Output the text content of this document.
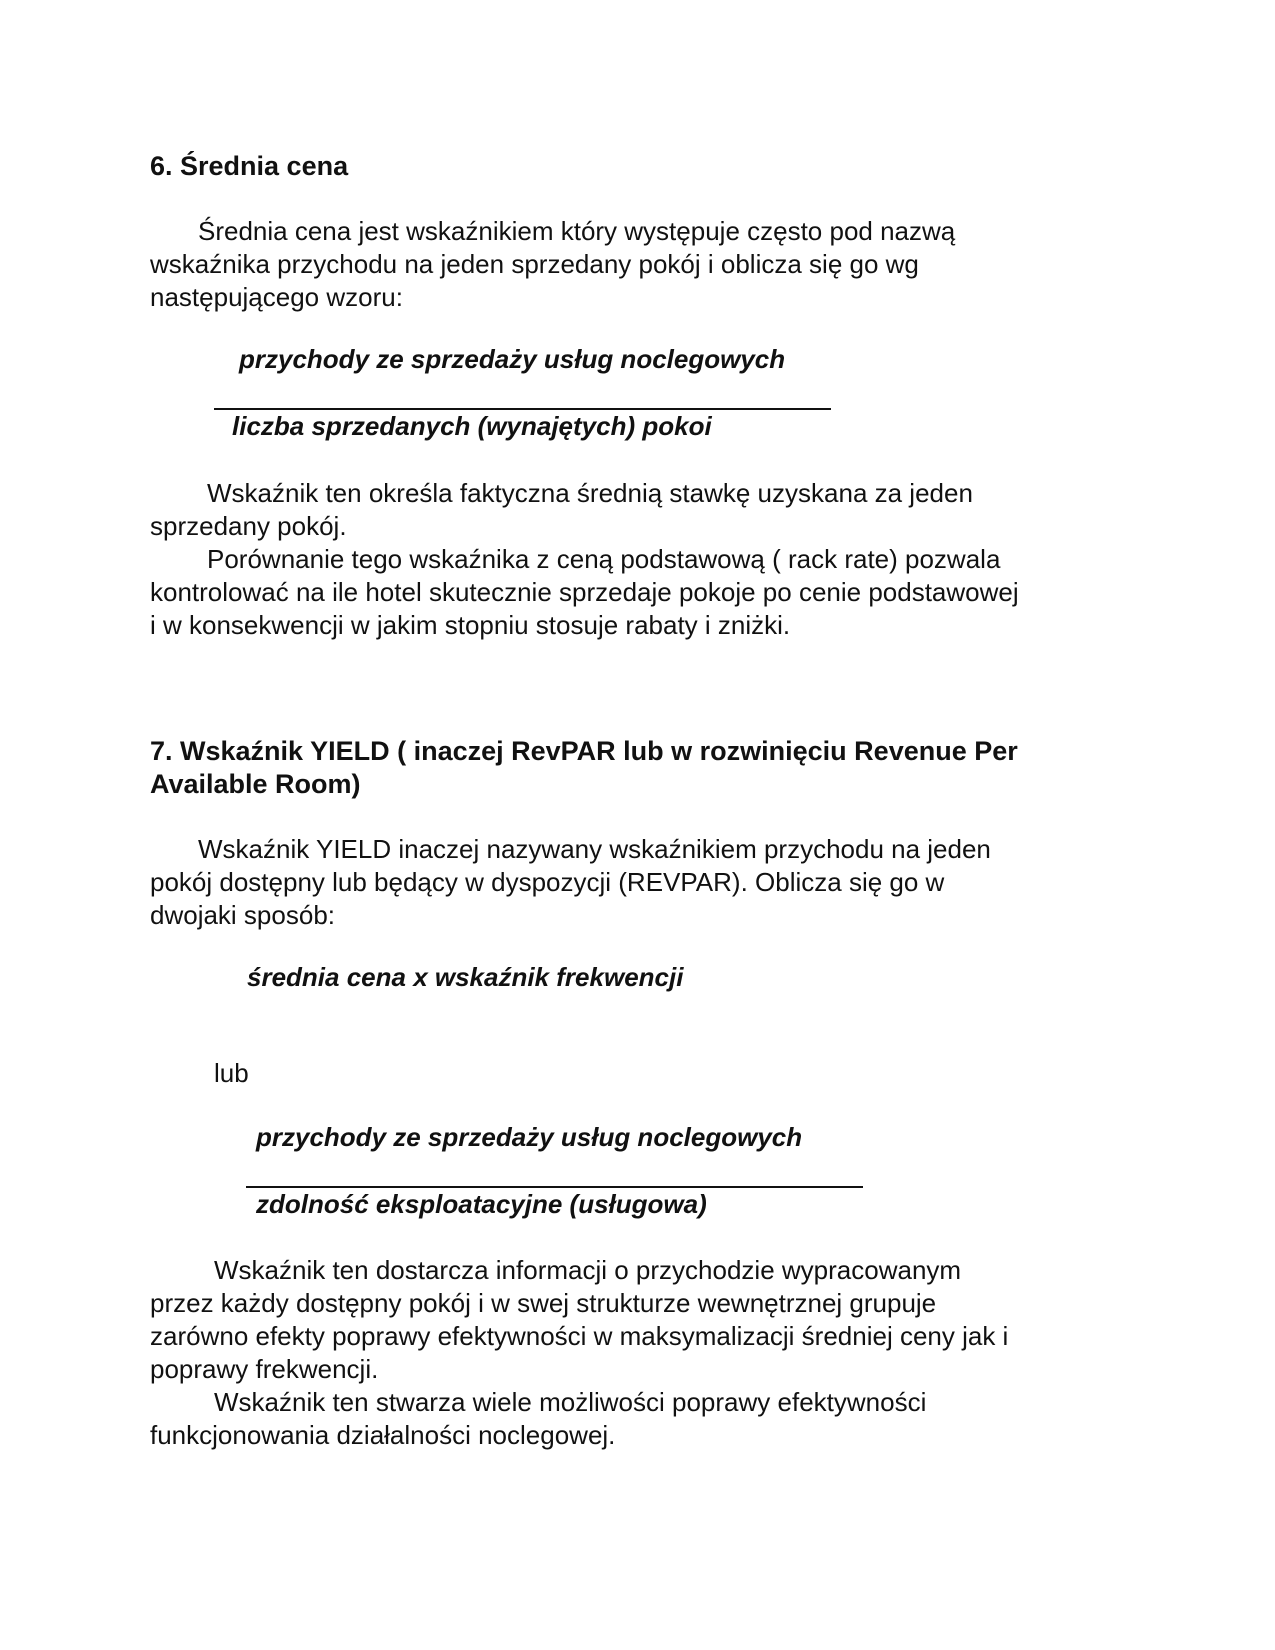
6. Średnia cena
Średnia cena jest wskaźnikiem który występuje często pod nazwą
wskaźnika przychodu na jeden sprzedany pokój i oblicza się go wg
następującego wzoru:
przychody ze sprzedaży usług noclegowych
liczba sprzedanych (wynajętych) pokoi
Wskaźnik ten określa faktyczna średnią stawkę uzyskana za jeden
sprzedany pokój.
Porównanie tego wskaźnika z ceną podstawową ( rack rate) pozwala
kontrolować na ile hotel skutecznie sprzedaje pokoje po cenie podstawowej
i w konsekwencji w jakim stopniu stosuje rabaty i zniżki.
7. Wskaźnik YIELD ( inaczej RevPAR lub w rozwinięciu Revenue Per
Available Room)
Wskaźnik YIELD inaczej nazywany wskaźnikiem przychodu na jeden
pokój dostępny lub będący w dyspozycji (REVPAR). Oblicza się go w
dwojaki sposób:
średnia cena x wskaźnik frekwencji
lub
przychody ze sprzedaży usług noclegowych
zdolność eksploatacyjne (usługowa)
Wskaźnik ten dostarcza informacji o przychodzie wypracowanym
przez każdy dostępny pokój i w swej strukturze wewnętrznej grupuje
zarówno efekty poprawy efektywności w maksymalizacji średniej ceny jak i
poprawy frekwencji.
Wskaźnik ten stwarza wiele możliwości poprawy efektywności
funkcjonowania działalności noclegowej.
